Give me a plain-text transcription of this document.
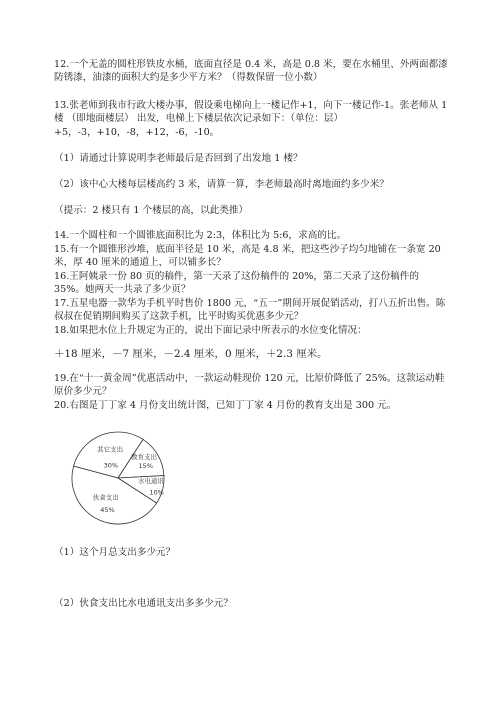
12.一个无盖的圆柱形铁皮水桶，底面直径是 0.4 米，高是 0.8 米，要在水桶里、外两面都漆防锈漆，油漆的面积大约是多少平方米？（得数保留一位小数）

13.张老师到我市行政大楼办事，假设乘电梯向上一楼记作+1，向下一楼记作-1。张老师从 1 楼 （即地面楼层） 出发，电梯上下楼层依次记录如下：（单位：层）+5，-3，+10，-8，+12，-6，-10。

（1）请通过计算说明李老师最后是否回到了出发地 1 楼？

（2）该中心大楼每层楼高约 3 米，请算一算，李老师最高时离地面约多少米？

（提示：2 楼只有 1 个楼层的高，以此类推）

14.一个圆柱和一个圆锥底面积比为 2:3，体积比为 5:6，求高的比。

15.有一个圆锥形沙堆，底面半径是 10 米，高是 4.8 米，把这些沙子均匀地铺在一条宽 20 米，厚 40 厘米的通道上，可以铺多长？

16.王阿姨录一份 80 页的稿件，第一天录了这份稿件的 20%，第二天录了这份稿件的 35%。她两天一共录了多少页？

17.五星电器一款华为手机平时售价 1800 元，“五一”期间开展促销活动，打八五折出售。陈叔叔在促销期间购买了这款手机，比平时购买优惠多少元？

18.如果把水位上升规定为正的，说出下面记录中所表示的水位变化情况：

＋18 厘米，－7 厘米，－2.4 厘米，0 厘米，＋2.3 厘米。

19.在“十一黄金周”优惠活动中，一款运动鞋现价 120 元，比原价降低了 25%。这款运动鞋原价多少元？

20.右图是丁丁家 4 月份支出统计图，已知丁丁家 4 月份的教育支出是 300 元。

其它支出
30%
教育支出
15%
水电通讯
10%
伙食支出
45%

（1）这个月总支出多少元？

（2）伙食支出比水电通讯支出多多少元？
